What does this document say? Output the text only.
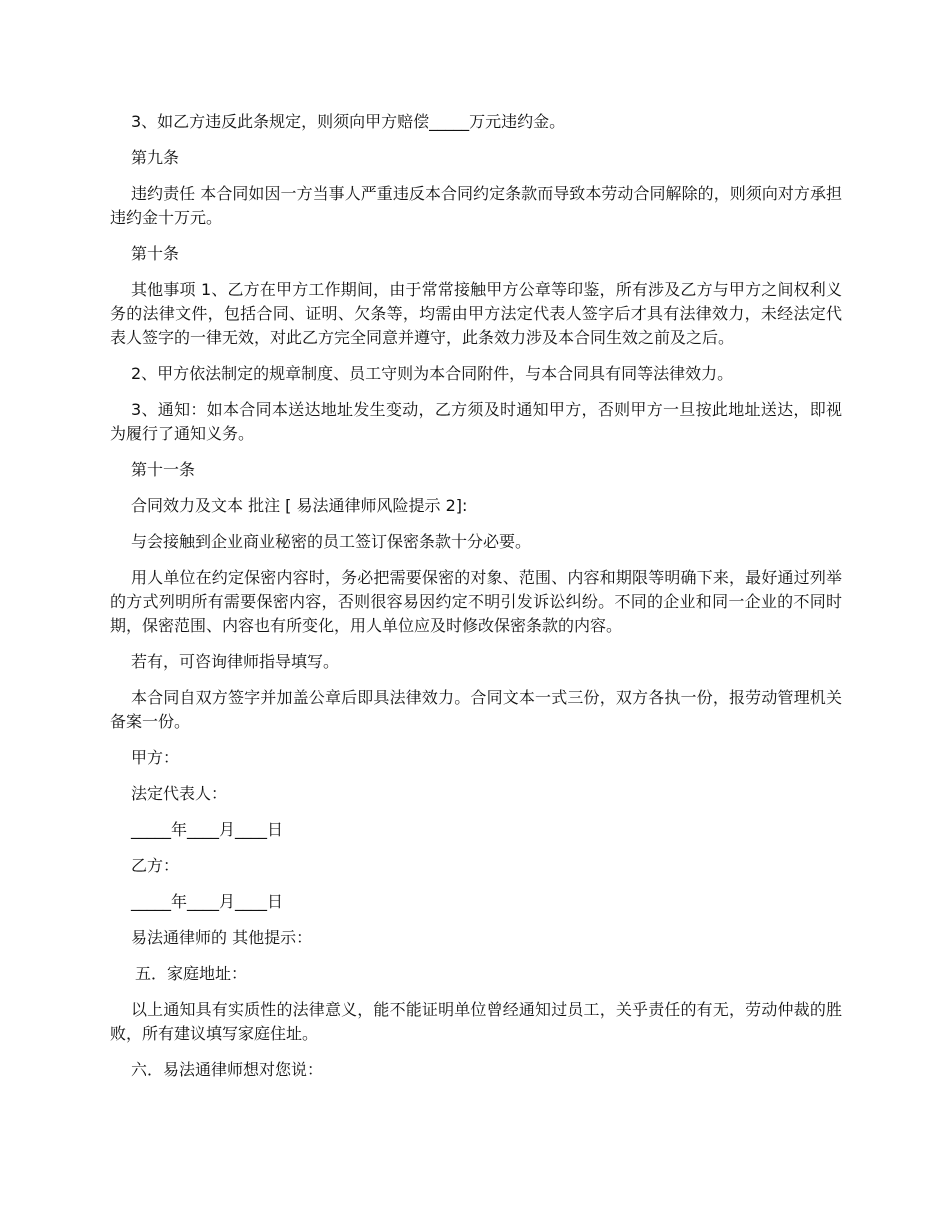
3、如乙方违反此条规定，则须向甲方赔偿_____万元违约金。

第九条

违约责任 本合同如因一方当事人严重违反本合同约定条款而导致本劳动合同解除的，则须向对方承担违约金十万元。

第十条

其他事项 1、乙方在甲方工作期间，由于常常接触甲方公章等印鉴，所有涉及乙方与甲方之间权利义务的法律文件，包括合同、证明、欠条等，均需由甲方法定代表人签字后才具有法律效力，未经法定代表人签字的一律无效，对此乙方完全同意并遵守，此条效力涉及本合同生效之前及之后。

2、甲方依法制定的规章制度、员工守则为本合同附件，与本合同具有同等法律效力。

3、通知：如本合同本送达地址发生变动，乙方须及时通知甲方，否则甲方一旦按此地址送达，即视为履行了通知义务。

第十一条

合同效力及文本 批注 [ 易法通律师风险提示 2]:

与会接触到企业商业秘密的员工签订保密条款十分必要。

用人单位在约定保密内容时，务必把需要保密的对象、范围、内容和期限等明确下来，最好通过列举的方式列明所有需要保密内容，否则很容易因约定不明引发诉讼纠纷。不同的企业和同一企业的不同时期，保密范围、内容也有所变化，用人单位应及时修改保密条款的内容。

若有，可咨询律师指导填写。

本合同自双方签字并加盖公章后即具法律效力。合同文本一式三份，双方各执一份，报劳动管理机关备案一份。

甲方：

法定代表人：

_____年____月____日

乙方：

_____年____月____日

易法通律师的 其他提示：

五．家庭地址：

以上通知具有实质性的法律意义，能不能证明单位曾经通知过员工，关乎责任的有无，劳动仲裁的胜败，所有建议填写家庭住址。

六．易法通律师想对您说：
